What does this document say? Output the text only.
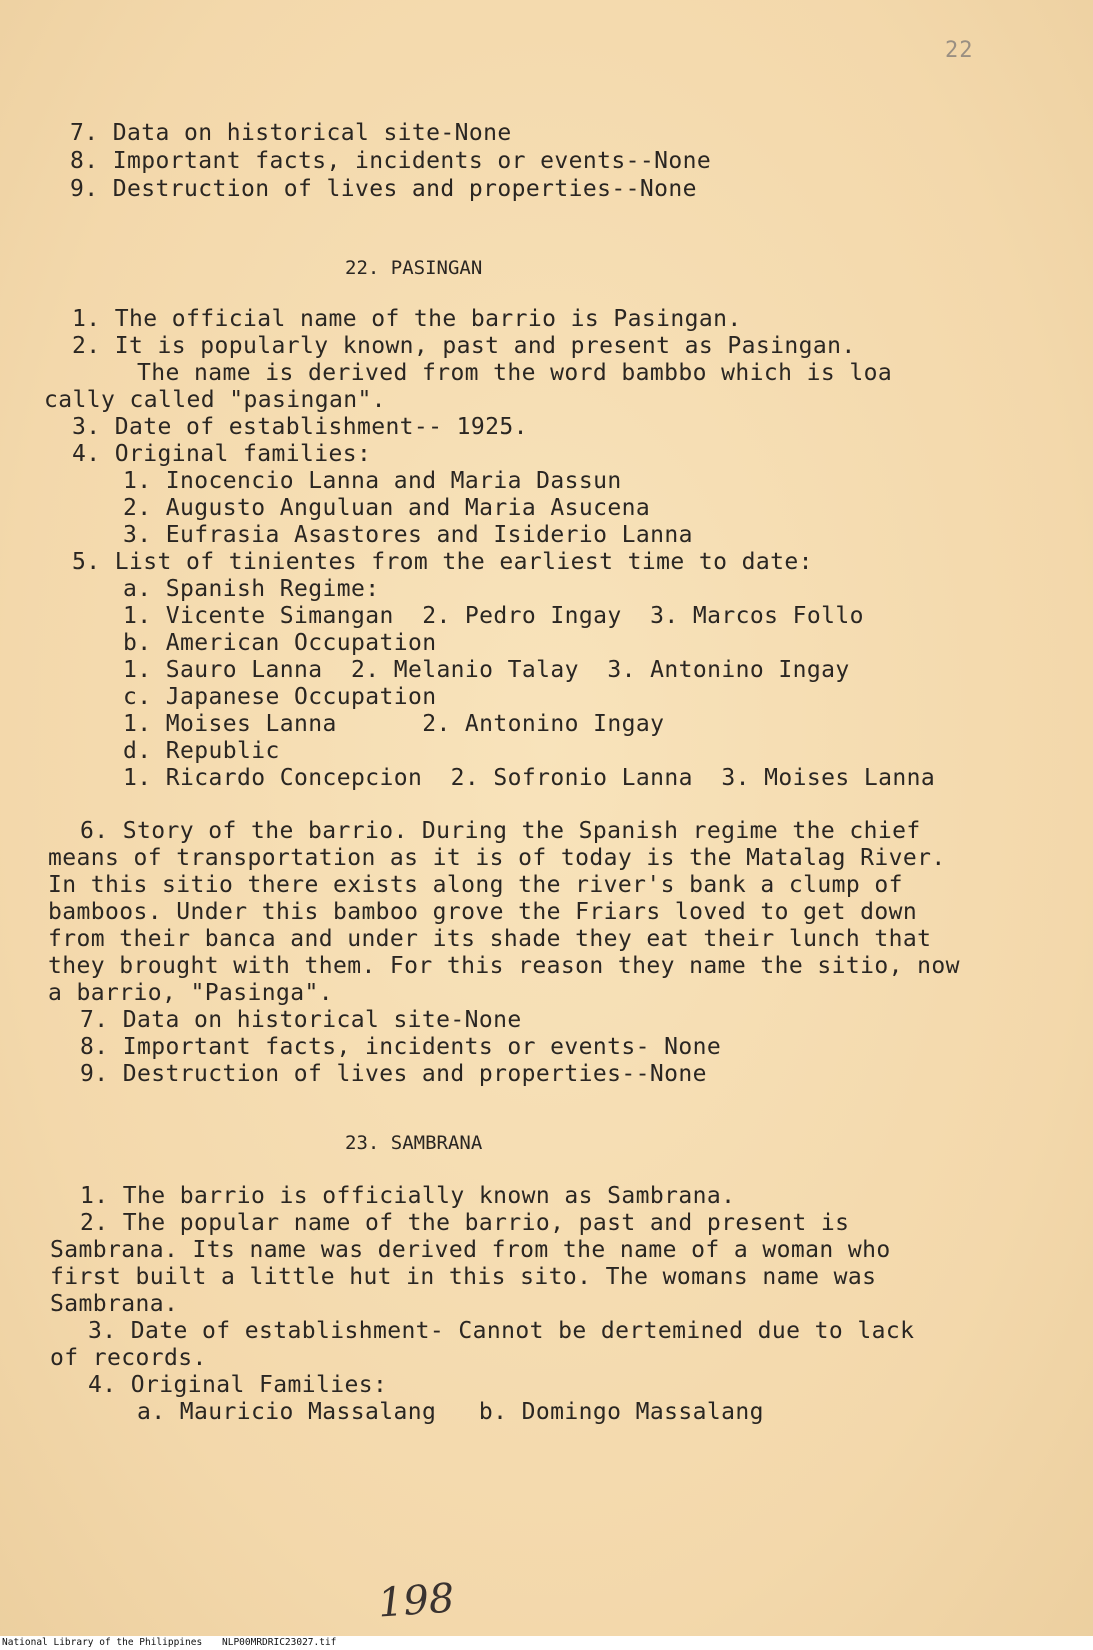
22
7. Data on historical site-None
8. Important facts, incidents or events--None
9. Destruction of lives and properties--None
22. PASINGAN
1. The official name of the barrio is Pasingan.
2. It is popularly known, past and present as Pasingan.
The name is derived from the word bambbo which is loa
cally called "pasingan".
3. Date of establishment-- 1925.
4. Original families:
1. Inocencio Lanna and Maria Dassun
2. Augusto Anguluan and Maria Asucena
3. Eufrasia Asastores and Isiderio Lanna
5. List of tinientes from the earliest time to date:
a. Spanish Regime:
1. Vicente Simangan  2. Pedro Ingay  3. Marcos Follo
b. American Occupation
1. Sauro Lanna  2. Melanio Talay  3. Antonino Ingay
c. Japanese Occupation
1. Moises Lanna      2. Antonino Ingay
d. Republic
1. Ricardo Concepcion  2. Sofronio Lanna  3. Moises Lanna
6. Story of the barrio. During the Spanish regime the chief
means of transportation as it is of today is the Matalag River.
In this sitio there exists along the river's bank a clump of
bamboos. Under this bamboo grove the Friars loved to get down
from their banca and under its shade they eat their lunch that
they brought with them. For this reason they name the sitio, now
a barrio, "Pasinga".
7. Data on historical site-None
8. Important facts, incidents or events- None
9. Destruction of lives and properties--None
23. SAMBRANA
1. The barrio is officially known as Sambrana.
2. The popular name of the barrio, past and present is
Sambrana. Its name was derived from the name of a woman who
first built a little hut in this sito. The womans name was
Sambrana.
3. Date of establishment- Cannot be dertemined due to lack
of records.
4. Original Families:
a. Mauricio Massalang   b. Domingo Massalang
198
National Library of the Philippines NLP00MRDRIC23027.tif
